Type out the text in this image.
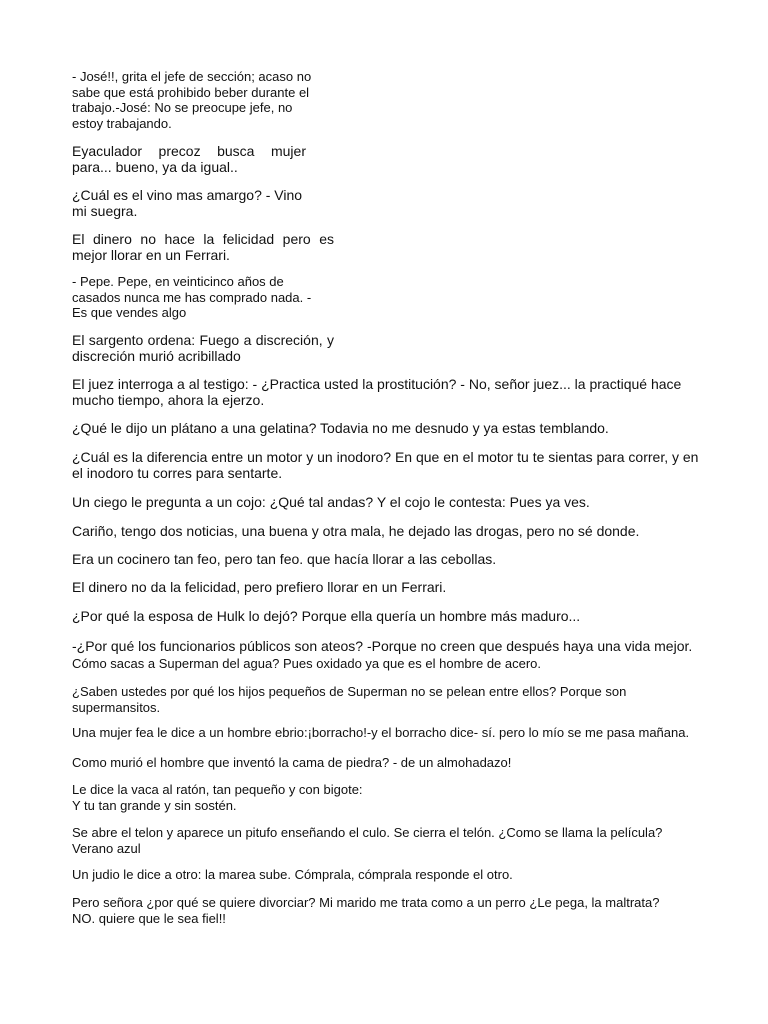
- José!!, grita el jefe de sección; acaso no sabe que está prohibido beber durante el trabajo.-José: No se preocupe jefe, no estoy trabajando.

Eyaculador precoz busca mujer para... bueno, ya da igual..

¿Cuál es el vino mas amargo? - Vino mi suegra.

El dinero no hace la felicidad pero es mejor llorar en un Ferrari.

- Pepe. Pepe, en veinticinco años de casados nunca me has comprado nada. - Es que vendes algo

El sargento ordena: Fuego a discreción, y discreción murió acribillado

El juez interroga a al testigo: - ¿Practica usted la prostitución? - No, señor juez... la practiqué hace mucho tiempo, ahora la ejerzo.

¿Qué le dijo un plátano a una gelatina? Todavia no me desnudo y ya estas temblando.

¿Cuál es la diferencia entre un motor y un inodoro? En que en el motor tu te sientas para correr, y en el inodoro tu corres para sentarte.

Un ciego le pregunta a un cojo: ¿Qué tal andas? Y el cojo le contesta: Pues ya ves.

Cariño, tengo dos noticias, una buena y otra mala, he dejado las drogas, pero no sé donde.

Era un cocinero tan feo, pero tan feo. que hacía llorar a las cebollas.

El dinero no da la felicidad, pero prefiero llorar en un Ferrari.

¿Por qué la esposa de Hulk lo dejó? Porque ella quería un hombre más maduro...

-¿Por qué los funcionarios públicos son ateos? -Porque no creen que después haya una vida mejor.

Cómo sacas a Superman del agua? Pues oxidado ya que es el hombre de acero.

¿Saben ustedes por qué los hijos pequeños de Superman no se pelean entre ellos? Porque son supermansitos.

Una mujer fea le dice a un hombre ebrio:¡borracho!-y el borracho dice- sí. pero lo mío se me pasa mañana.

Como murió el hombre que inventó la cama de piedra? - de un almohadazo!

Le dice la vaca al ratón, tan pequeño y con bigote: Y tu tan grande y sin sostén.

Se abre el telon y aparece un pitufo enseñando el culo. Se cierra el telón. ¿Como se llama la película? Verano azul

Un judio le dice a otro: la marea sube. Cómprala, cómprala responde el otro.

Pero señora ¿por qué se quiere divorciar? Mi marido me trata como a un perro ¿Le pega, la maltrata? NO. quiere que le sea fiel!!
